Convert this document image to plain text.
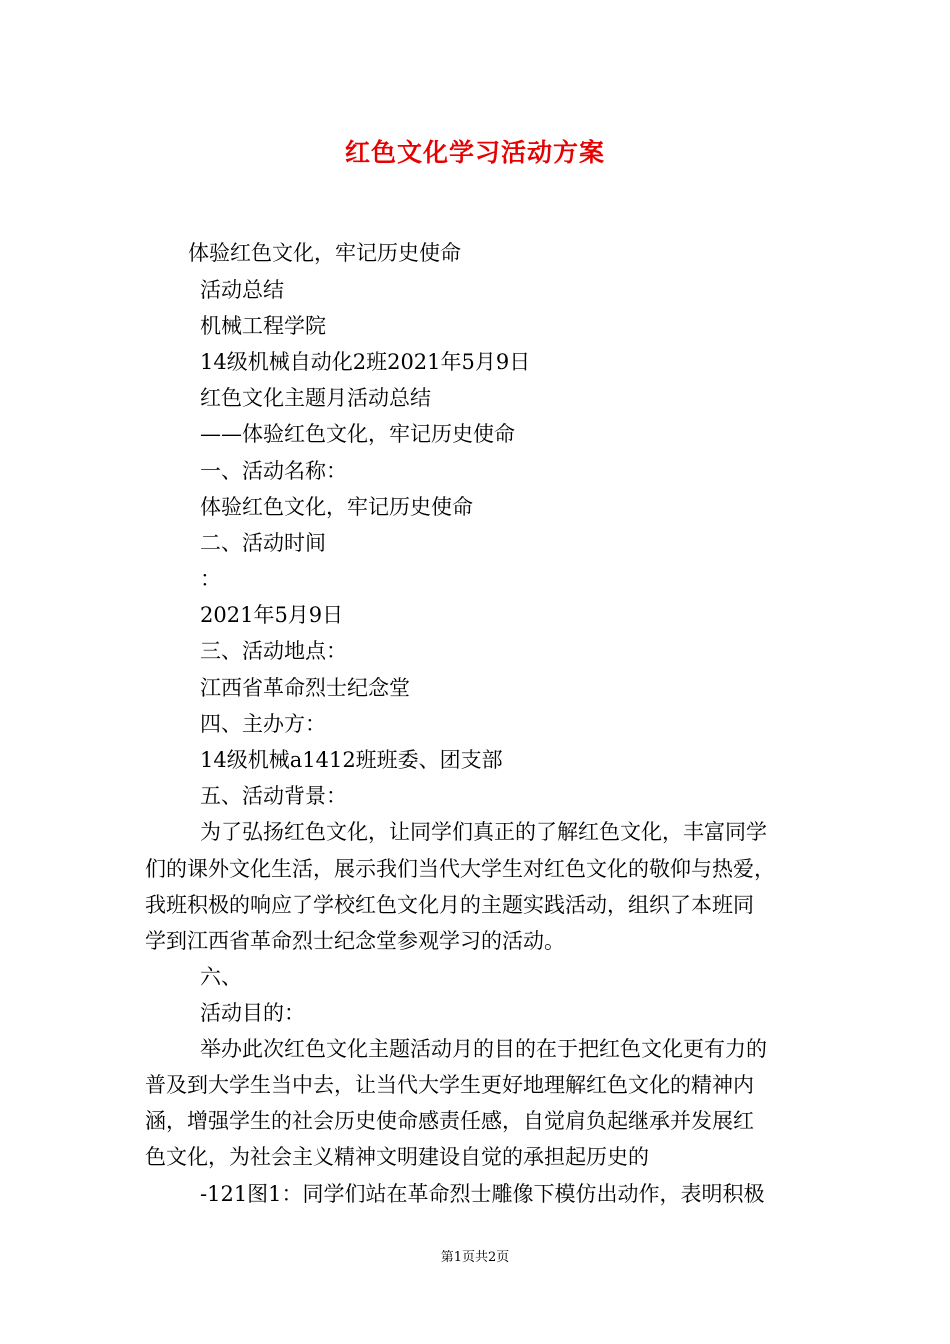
红色文化学习活动方案
体验红色文化，牢记历史使命
活动总结
机械工程学院
14级机械自动化2班2021年5月9日
红色文化主题月活动总结
——体验红色文化，牢记历史使命
一、活动名称：
体验红色文化，牢记历史使命
二、活动时间
：
2021年5月9日
三、活动地点：
江西省革命烈士纪念堂
四、主办方：
14级机械a1412班班委、团支部
五、活动背景：
为了弘扬红色文化，让同学们真正的了解红色文化，丰富同学
们的课外文化生活，展示我们当代大学生对红色文化的敬仰与热爱，
我班积极的响应了学校红色文化月的主题实践活动，组织了本班同
学到江西省革命烈士纪念堂参观学习的活动。
六、
活动目的：
举办此次红色文化主题活动月的目的在于把红色文化更有力的
普及到大学生当中去，让当代大学生更好地理解红色文化的精神内
涵，增强学生的社会历史使命感责任感，自觉肩负起继承并发展红
色文化，为社会主义精神文明建设自觉的承担起历史的
-121图1：同学们站在革命烈士雕像下模仿出动作，表明积极
第1页共2页
